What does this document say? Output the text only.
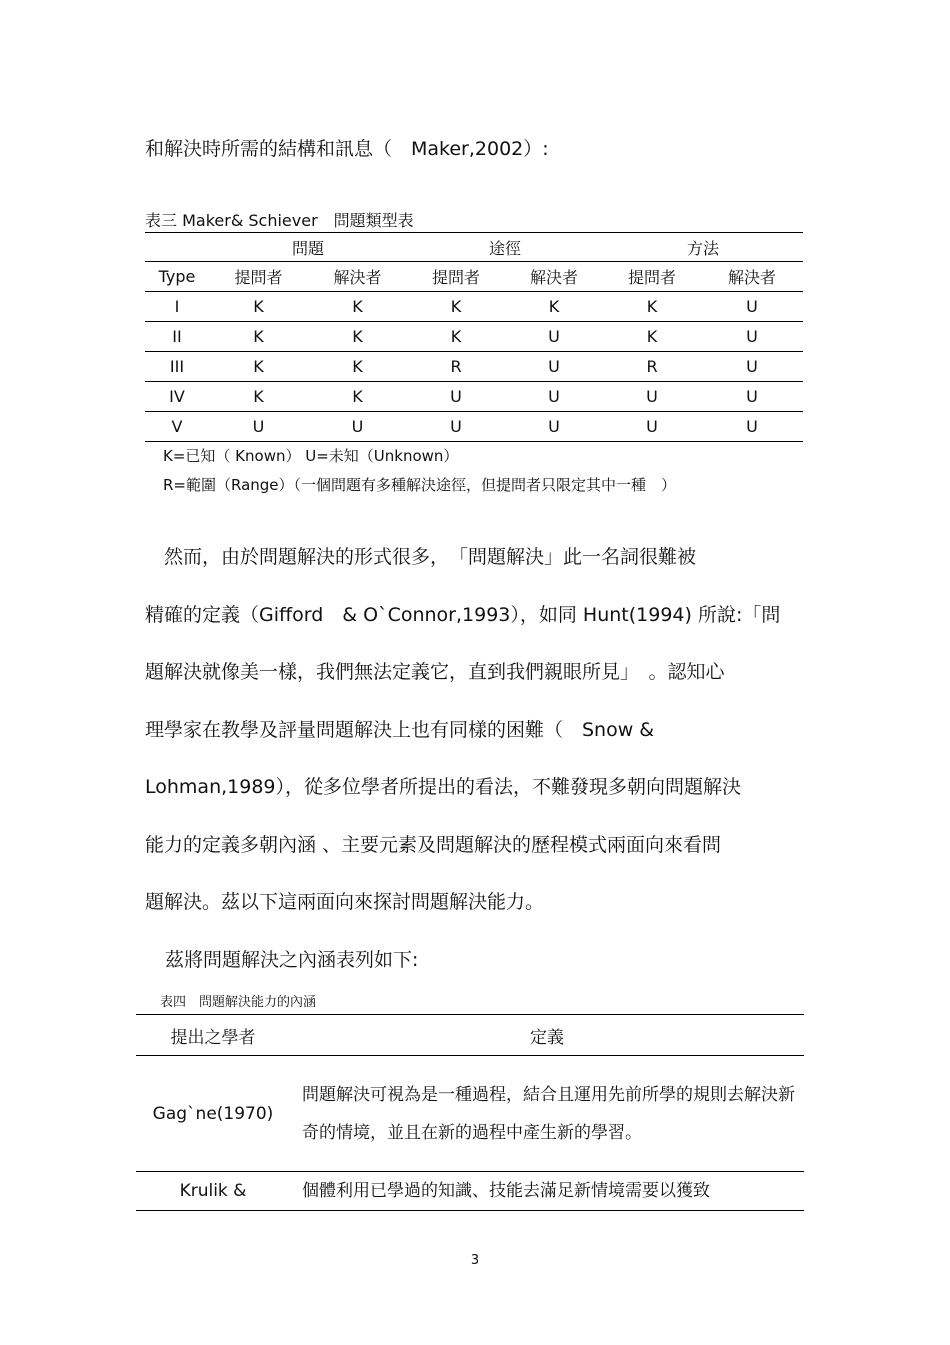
和解決時所需的結構和訊息（　Maker,2002）:
表三 Maker& Schiever　問題類型表
	問題		途徑		方法	
Type	提問者	解決者	提問者	解決者	提問者	解決者
I	K	K	K	K	K	U
II	K	K	K	U	K	U
III	K	K	R	U	R	U
IV	K	K	U	U	U	U
V	U	U	U	U	U	U
K=已知（ Known） U=未知（Unknown）
R=範圍（Range）（一個問題有多種解決途徑，但提問者只限定其中一種　）
　然而，由於問題解決的形式很多，　「問題解決」此一名詞很難被
精確的定義（Gifford　& O`Connor,1993），如同 Hunt(1994) 所說:「問
題解決就像美一樣，我們無法定義它，直到我們親眼所見」　。認知心
理學家在教學及評量問題解決上也有同樣的困難（　Snow &
Lohman,1989），從多位學者所提出的看法，不難發現多朝向問題解決
能力的定義多朝內涵 、主要元素及問題解決的歷程模式兩面向來看問
題解決。茲以下這兩面向來探討問題解決能力。
茲將問題解決之內涵表列如下:
表四　問題解決能力的內涵
提出之學者	定義
Gag`ne(1970)	問題解決可視為是一種過程，結合且運用先前所學的規則去解決新奇的情境，並且在新的過程中產生新的學習。
Krulik &	個體利用已學過的知識、技能去滿足新情境需要以獲致
3
